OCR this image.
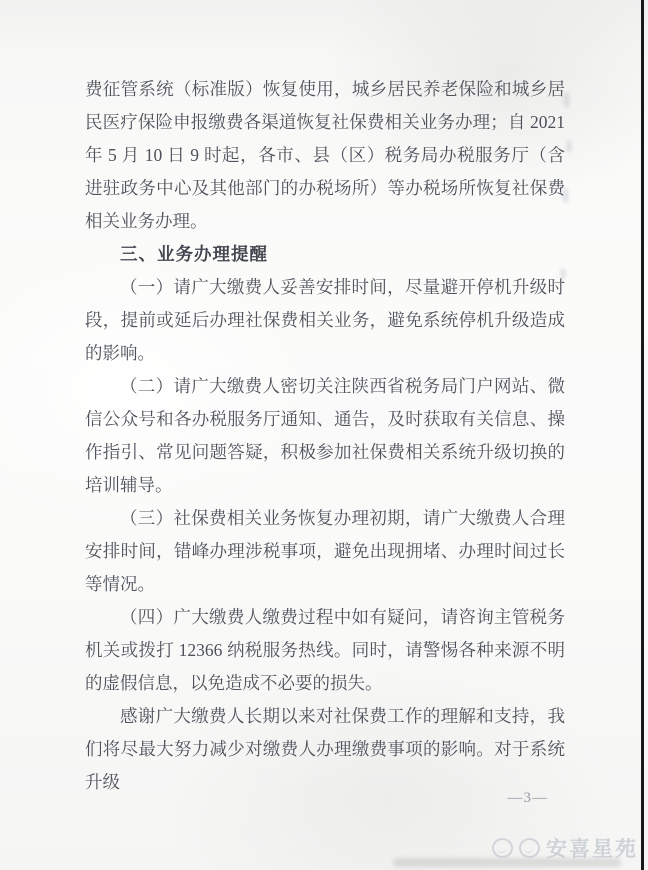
费征管系统（标准版）恢复使用，城乡居民养老保险和城乡居民医疗保险申报缴费各渠道恢复社保费相关业务办理；自 2021 年 5 月 10 日 9 时起，各市、县（区）税务局办税服务厅（含进驻政务中心及其他部门的办税场所）等办税场所恢复社保费相关业务办理。

三、业务办理提醒

（一）请广大缴费人妥善安排时间，尽量避开停机升级时段，提前或延后办理社保费相关业务，避免系统停机升级造成的影响。

（二）请广大缴费人密切关注陕西省税务局门户网站、微信公众号和各办税服务厅通知、通告，及时获取有关信息、操作指引、常见问题答疑，积极参加社保费相关系统升级切换的培训辅导。

（三）社保费相关业务恢复办理初期，请广大缴费人合理安排时间，错峰办理涉税事项，避免出现拥堵、办理时间过长等情况。

（四）广大缴费人缴费过程中如有疑问，请咨询主管税务机关或拨打 12366 纳税服务热线。同时，请警惕各种来源不明的虚假信息，以免造成不必要的损失。

感谢广大缴费人长期以来对社保费工作的理解和支持，我们将尽最大努力减少对缴费人办理缴费事项的影响。对于系统升级

—3—
安喜星苑
